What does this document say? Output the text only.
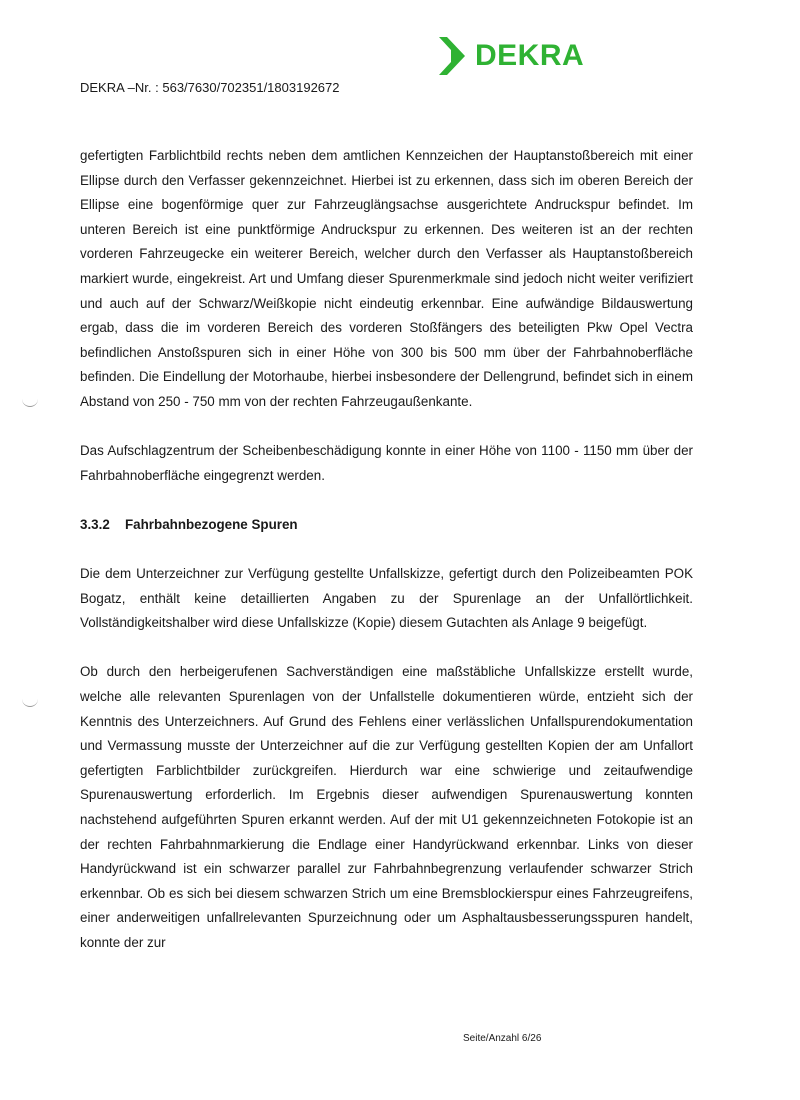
DEKRA
DEKRA –Nr. : 563/7630/702351/1803192672

gefertigten Farblichtbild rechts neben dem amtlichen Kennzeichen der Hauptanstoßbereich mit einer Ellipse durch den Verfasser gekennzeichnet. Hierbei ist zu erkennen, dass sich im oberen Bereich der Ellipse eine bogenförmige quer zur Fahrzeuglängsachse ausgerichtete Andruckspur befindet. Im unteren Bereich ist eine punktförmige Andruckspur zu erkennen. Des weiteren ist an der rechten vorderen Fahrzeugecke ein weiterer Bereich, welcher durch den Verfasser als Hauptanstoßbereich markiert wurde, eingekreist. Art und Umfang dieser Spurenmerkmale sind jedoch nicht weiter verifiziert und auch auf der Schwarz/Weißkopie nicht eindeutig erkennbar. Eine aufwändige Bildauswertung ergab, dass die im vorderen Bereich des vorderen Stoßfängers des beteiligten Pkw Opel Vectra befindlichen Anstoßspuren sich in einer Höhe von 300 bis 500 mm über der Fahrbahnoberfläche befinden. Die Eindellung der Motorhaube, hierbei insbesondere der Dellengrund, befindet sich in einem Abstand von 250 - 750 mm von der rechten Fahrzeugaußenkante.

Das Aufschlagzentrum der Scheibenbeschädigung konnte in einer Höhe von 1100 - 1150 mm über der Fahrbahnoberfläche eingegrenzt werden.

3.3.2 Fahrbahnbezogene Spuren

Die dem Unterzeichner zur Verfügung gestellte Unfallskizze, gefertigt durch den Polizeibeamten POK Bogatz, enthält keine detaillierten Angaben zu der Spurenlage an der Unfallörtlichkeit. Vollständigkeitshalber wird diese Unfallskizze (Kopie) diesem Gutachten als Anlage 9 beigefügt.

Ob durch den herbeigerufenen Sachverständigen eine maßstäbliche Unfallskizze erstellt wurde, welche alle relevanten Spurenlagen von der Unfallstelle dokumentieren würde, entzieht sich der Kenntnis des Unterzeichners. Auf Grund des Fehlens einer verlässlichen Unfallspurendokumentation und Vermassung musste der Unterzeichner auf die zur Verfügung gestellten Kopien der am Unfallort gefertigten Farblichtbilder zurückgreifen. Hierdurch war eine schwierige und zeitaufwendige Spurenauswertung erforderlich. Im Ergebnis dieser aufwendigen Spurenauswertung konnten nachstehend aufgeführten Spuren erkannt werden. Auf der mit U1 gekennzeichneten Fotokopie ist an der rechten Fahrbahnmarkierung die Endlage einer Handyrückwand erkennbar. Links von dieser Handyrückwand ist ein schwarzer parallel zur Fahrbahnbegrenzung verlaufender schwarzer Strich erkennbar. Ob es sich bei diesem schwarzen Strich um eine Bremsblockierspur eines Fahrzeugreifens, einer anderweitigen unfallrelevanten Spurzeichnung oder um Asphaltausbesserungsspuren handelt, konnte der zur

Seite/Anzahl 6/26
